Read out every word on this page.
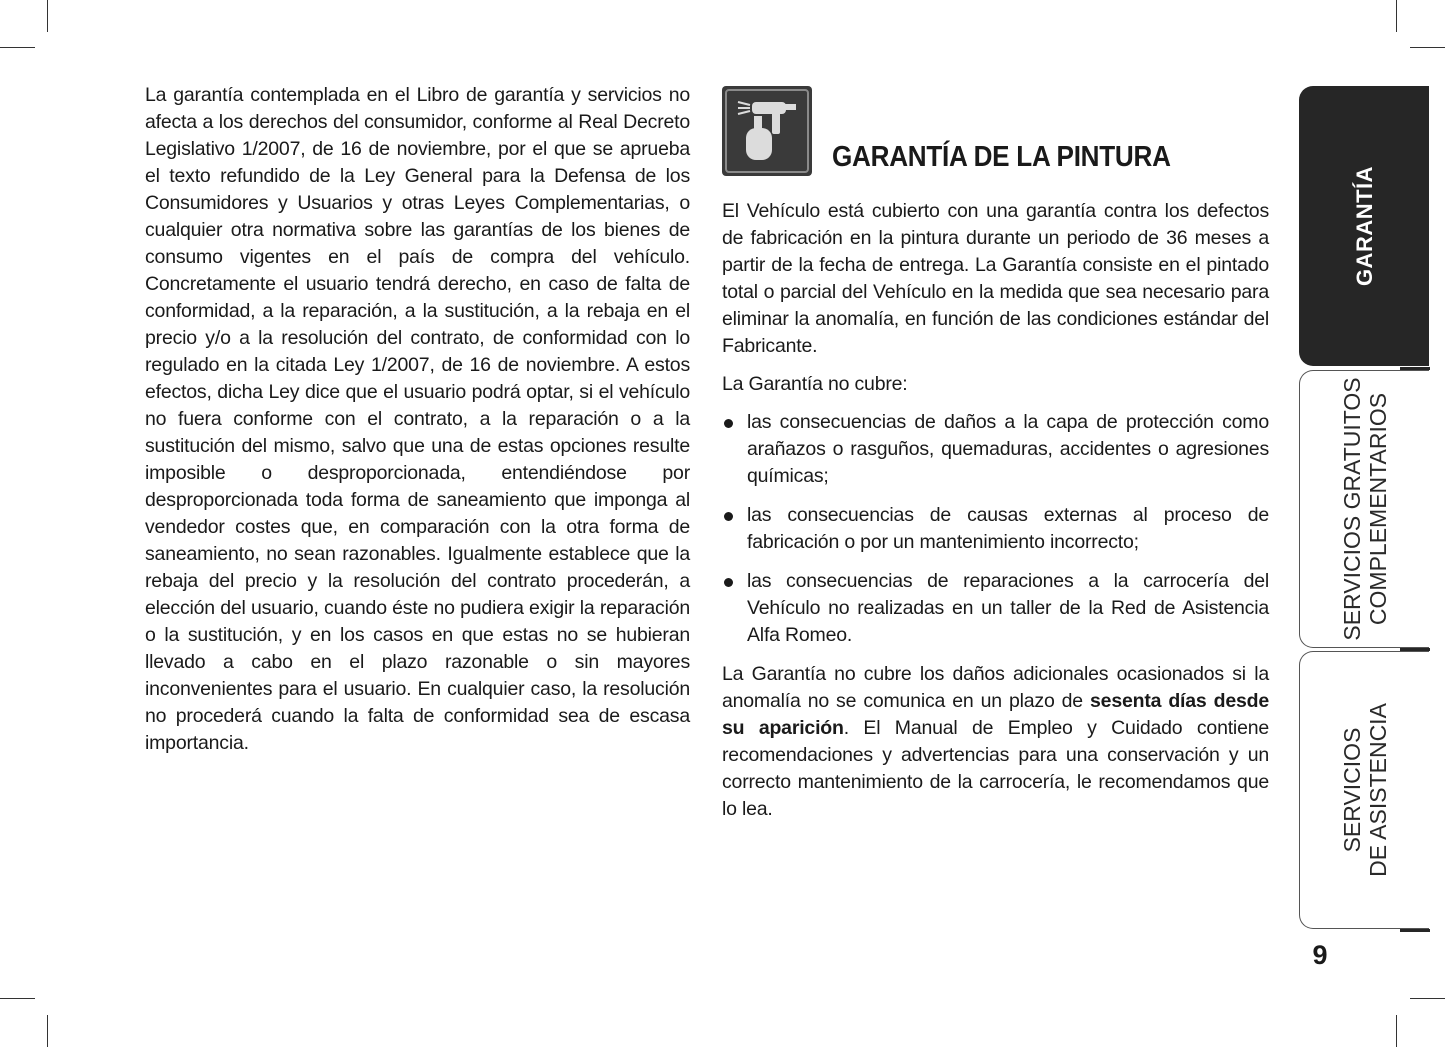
La garantía contemplada en el Libro de garantía y servicios no afecta a los derechos del consumidor, conforme al Real Decreto Legislativo 1/2007, de 16 de noviembre, por el que se aprueba el texto refundido de la Ley General para la Defensa de los Consumidores y Usuarios y otras Leyes Complementarias, o cualquier otra normativa sobre las garantías de los bienes de consumo vigentes en el país de compra del vehículo. Concretamente el usuario tendrá derecho, en caso de falta de conformidad, a la reparación, a la sustitución, a la rebaja en el precio y/o a la resolución del contrato, de conformidad con lo regulado en la citada Ley 1/2007, de 16 de noviembre. A estos efectos, dicha Ley dice que el usuario podrá optar, si el vehículo no fuera conforme con el contrato, a la reparación o a la sustitución del mismo, salvo que una de estas opciones resulte imposible o desproporcionada, entendiéndose por desproporcionada toda forma de saneamiento que imponga al vendedor costes que, en comparación con la otra forma de saneamiento, no sean razonables. Igualmente establece que la rebaja del precio y la resolución del contrato procederán, a elección del usuario, cuando éste no pudiera exigir la reparación o la sustitución, y en los casos en que estas no se hubieran llevado a cabo en el plazo razonable o sin mayores inconvenientes para el usuario. En cualquier caso, la resolución no procederá cuando la falta de conformidad sea de escasa importancia.

GARANTÍA DE LA PINTURA

El Vehículo está cubierto con una garantía contra los defectos de fabricación en la pintura durante un periodo de 36 meses a partir de la fecha de entrega. La Garantía consiste en el pintado total o parcial del Vehículo en la medida que sea necesario para eliminar la anomalía, en función de las condiciones estándar del Fabricante.

La Garantía no cubre:

las consecuencias de daños a la capa de protección como arañazos o rasguños, quemaduras, accidentes o agresiones químicas;
las consecuencias de causas externas al proceso de fabricación o por un mantenimiento incorrecto;
las consecuencias de reparaciones a la carrocería del Vehículo no realizadas en un taller de la Red de Asistencia Alfa Romeo.

La Garantía no cubre los daños adicionales ocasionados si la anomalía no se comunica en un plazo de sesenta días desde su aparición. El Manual de Empleo y Cuidado contiene recomendaciones y advertencias para una conservación y un correcto mantenimiento de la carrocería, le recomendamos que lo lea.

GARANTÍA
SERVICIOS GRATUITOS COMPLEMENTARIOS
SERVICIOS DE ASISTENCIA
9
